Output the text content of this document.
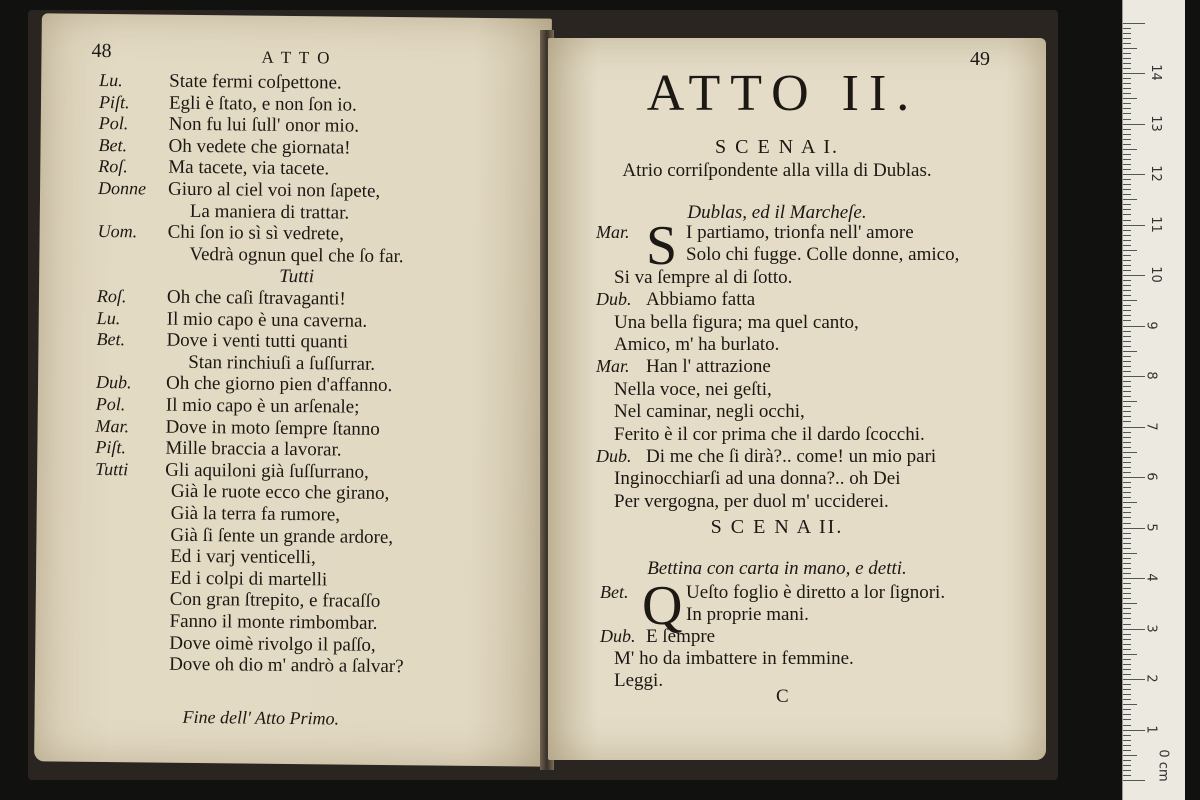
48	A T T O
Lu. State fermi coſpettone.
Piſt. Egli è ſtato, e non ſon io.
Pol. Non fu lui ſull' onor mio.
Bet. Oh vedete che giornata!
Roſ. Ma tacete, via tacete.
Donne Giuro al ciel voi non ſapete,
La maniera di trattar.
Uom. Chi ſon io sì sì vedrete,
Vedrà ognun quel che ſo far.
Tutti
Roſ. Oh che caſi ſtravaganti!
Lu. Il mio capo è una caverna.
Bet. Dove i venti tutti quanti
Stan rinchiuſi a ſuſſurrar.
Dub. Oh che giorno pien d'affanno.
Pol. Il mio capo è un arſenale;
Mar. Dove in moto ſempre ſtanno
Piſt. Mille braccia a lavorar.
Tutti Gli aquiloni già ſuſſurrano,
Già le ruote ecco che girano,
Già la terra fa rumore,
Già ſi ſente un grande ardore,
Ed i varj venticelli,
Ed i colpi di martelli
Con gran ſtrepito, e fracaſſo
Fanno il monte rimbombar.
Dove oimè rivolgo il paſſo,
Dove oh dio m' andrò a ſalvar?
Fine dell' Atto Primo.
49
ATTO II.
S C E N A I.
Atrio corriſpondente alla villa di Dublas.
Dublas, ed il Marcheſe.
Mar. S I partiamo, trionfa nell' amore
Solo chi fugge. Colle donne, amico,
Si va ſempre al di ſotto.
Dub. Abbiamo fatta
Una bella figura; ma quel canto,
Amico, m' ha burlato.
Mar. Han l' attrazione
Nella voce, nei geſti,
Nel caminar, negli occhi,
Ferito è il cor prima che il dardo ſcocchi.
Dub. Di me che ſi dirà?.. come! un mio pari
Inginocchiarſi ad una donna?.. oh Dei
Per vergogna, per duol m' ucciderei.
S C E N A II.
Bettina con carta in mano, e detti.
Bet. Q Ueſto foglio è diretto a lor ſignori.
In proprie mani.
Dub. E ſempre
M' ho da imbattere in femmine.
Leggi.
C
0 cm
1
2
3
4
5
6
7
8
9
10
11
12
13
14
